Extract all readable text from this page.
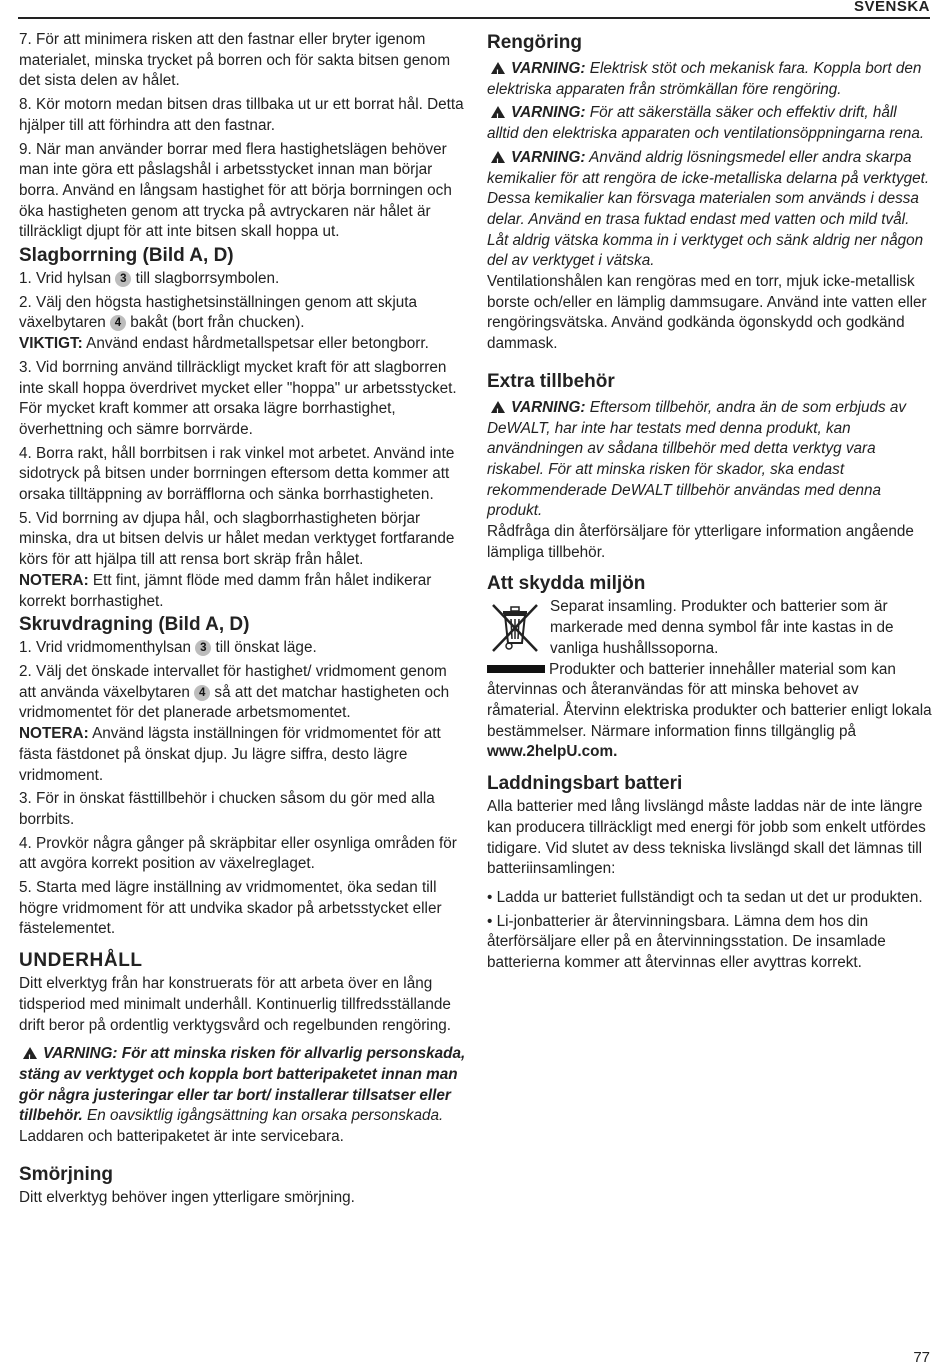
SVENSKA

7. För att minimera risken att den fastnar eller bryter igenom materialet, minska trycket på borren och för sakta bitsen genom det sista delen av hålet.

8. Kör motorn medan bitsen dras tillbaka ut ur ett borrat hål. Detta hjälper till att förhindra att den fastnar.

9. När man använder borrar med flera hastighetslägen behöver man inte göra ett påslagshål i arbetsstycket innan man börjar borra. Använd en långsam hastighet för att börja borrningen och öka hastigheten genom att trycka på avtryckaren när hålet är tillräckligt djupt för att inte bitsen skall hoppa ut.

Slagborrning (Bild A, D)

1. Vrid hylsan 3 till slagborrsymbolen.

2. Välj den högsta hastighetsinställningen genom att skjuta växelbytaren 4 bakåt (bort från chucken).

VIKTIGT: Använd endast hårdmetallspetsar eller betongborr.

3. Vid borrning använd tillräckligt mycket kraft för att slagborren inte skall hoppa överdrivet mycket eller "hoppa" ur arbetsstycket. För mycket kraft kommer att orsaka lägre borrhastighet, överhettning och sämre borrvärde.

4. Borra rakt, håll borrbitsen i rak vinkel mot arbetet. Använd inte sidotryck på bitsen under borrningen eftersom detta kommer att orsaka tilltäppning av borräfflorna och sänka borrhastigheten.

5. Vid borrning av djupa hål, och slagborrhastigheten börjar minska, dra ut bitsen delvis ur hålet medan verktyget fortfarande körs för att hjälpa till att rensa bort skräp från hålet.

NOTERA: Ett fint, jämnt flöde med damm från hålet indikerar korrekt borrhastighet.

Skruvdragning (Bild A, D)

1. Vrid vridmomenthylsan 3 till önskat läge.

2. Välj det önskade intervallet för hastighet/ vridmoment genom att använda växelbytaren 4 så att det matchar hastigheten och vridmomentet för det planerade arbetsmomentet.

NOTERA: Använd lägsta inställningen för vridmomentet för att fästa fästdonet på önskat djup. Ju lägre siffra, desto lägre vridmoment.

3. För in önskat fästtillbehör i chucken såsom du gör med alla borrbits.

4. Provkör några gånger på skräpbitar eller osynliga områden för att avgöra korrekt position av växelreglaget.

5. Starta med lägre inställning av vridmomentet, öka sedan till högre vridmoment för att undvika skador på arbetsstycket eller fästelementet.

UNDERHÅLL

Ditt elverktyg från har konstruerats för att arbeta över en lång tidsperiod med minimalt underhåll. Kontinuerlig tillfredsställande drift beror på ordentlig verktygsvård och regelbunden rengöring.

!VARNING: För att minska risken för allvarlig personskada, stäng av verktyget och koppla bort batteripaketet innan man gör några justeringar eller tar bort/ installerar tillsatser eller tillbehör. En oavsiktlig igångsättning kan orsaka personskada.

Laddaren och batteripaketet är inte servicebara.

Smörjning

Ditt elverktyg behöver ingen ytterligare smörjning.

Rengöring

!VARNING: Elektrisk stöt och mekanisk fara. Koppla bort den elektriska apparaten från strömkällan före rengöring.

!VARNING: För att säkerställa säker och effektiv drift, håll alltid den elektriska apparaten och ventilationsöppningarna rena.

!VARNING: Använd aldrig lösningsmedel eller andra skarpa kemikalier för att rengöra de icke-metalliska delarna på verktyget. Dessa kemikalier kan försvaga materialen som används i dessa delar. Använd en trasa fuktad endast med vatten och mild tvål. Låt aldrig vätska komma in i verktyget och sänk aldrig ner någon del av verktyget i vätska.

Ventilationshålen kan rengöras med en torr, mjuk icke-metallisk borste och/eller en lämplig dammsugare. Använd inte vatten eller rengöringsvätska. Använd godkända ögonskydd och godkänd dammask.

Extra tillbehör

!VARNING: Eftersom tillbehör, andra än de som erbjuds av DeWALT, har inte har testats med denna produkt, kan användningen av sådana tillbehör med detta verktyg vara riskabel. För att minska risken för skador, ska endast rekommenderade DeWALT tillbehör användas med denna produkt.

Rådfråga din återförsäljare för ytterligare information angående lämpliga tillbehör.

Att skydda miljön

Separat insamling. Produkter och batterier som är markerade med denna symbol får inte kastas in de vanliga hushållssoporna.

Produkter och batterier innehåller material som kan återvinnas och återanvändas för att minska behovet av råmaterial. Återvinn elektriska produkter och batterier enligt lokala bestämmelser. Närmare information finns tillgänglig på www.2helpU.com.

Laddningsbart batteri

Alla batterier med lång livslängd måste laddas när de inte längre kan producera tillräckligt med energi för jobb som enkelt utfördes tidigare. Vid slutet av dess tekniska livslängd skall det lämnas till batteriinsamlingen:

• Ladda ur batteriet fullständigt och ta sedan ut det ur produkten.

• Li-jonbatterier är återvinningsbara. Lämna dem hos din återförsäljare eller på en återvinningsstation. De insamlade batterierna kommer att återvinnas eller avyttras korrekt.

77
